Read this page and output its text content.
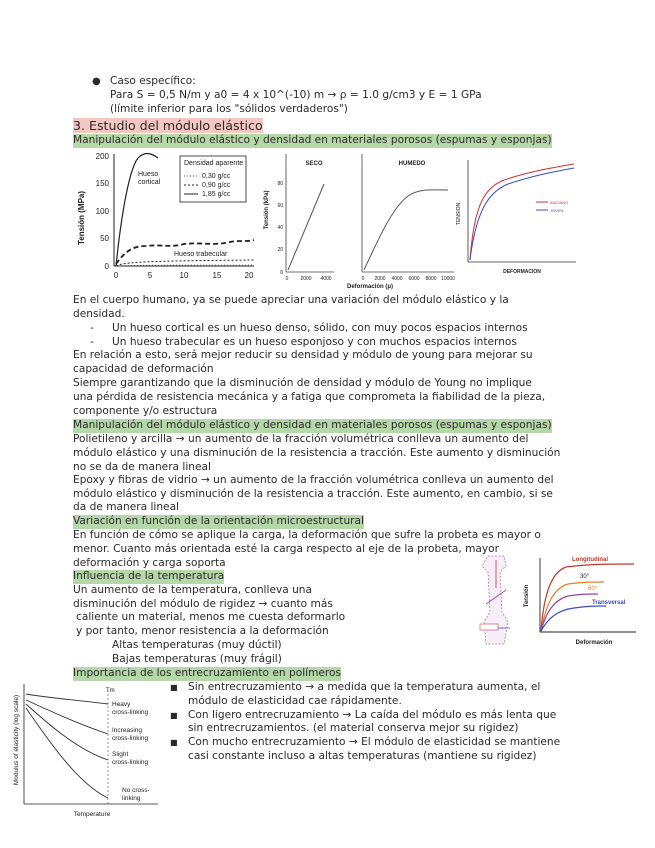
● Caso específico:
Para S = 0,5 N/m y a0 = 4 x 10^(-10) m → ρ = 1.0 g/cm3 y E = 1 GPa
(límite inferior para los "sólidos verdaderos")
3. Estudio del módulo elástico
Manipulación del módulo elástico y densidad en materiales porosos (espumas y esponjas)
Tensión (MPa)
200
150
100
50
0
0	5	10	15	20
Densidad aparente
0,30 g/cc
0,90 g/cc
1,85 g/cc
Hueso
cortical
Hueso trabecular
Tensión (kPa)
80
60
40
20
0
SECO
0 2000 4000
HUMEDO
0 2000 4000 6000 8000 10000
Deformación (μ)
TENSION
ANCIANO
JOVEN
DEFORMACION
En el cuerpo humano, ya se puede apreciar una variación del módulo elástico y la
densidad.
- Un hueso cortical es un hueso denso, sólido, con muy pocos espacios internos
- Un hueso trabecular es un hueso esponjoso y con muchos espacios internos
En relación a esto, será mejor reducir su densidad y módulo de young para mejorar su
capacidad de deformación
Siempre garantizando que la disminución de densidad y módulo de Young no implique
una pérdida de resistencia mecánica y a fatiga que comprometa la fiabilidad de la pieza,
componente y/o estructura
Manipulación del módulo elástico y densidad en materiales porosos (espumas y esponjas)
Polietileno y arcilla → un aumento de la fracción volumétrica conlleva un aumento del
módulo elástico y una disminución de la resistencia a tracción. Este aumento y disminución
no se da de manera lineal
Epoxy y fibras de vidrio → un aumento de la fracción volumétrica conlleva un aumento del
módulo elástico y disminución de la resistencia a tracción. Este aumento, en cambio, si se
da de manera lineal
Variación en función de la orientación microestructural
En función de cómo se aplique la carga, la deformación que sufre la probeta es mayor o
menor. Cuanto más orientada esté la carga respecto al eje de la probeta, mayor
deformación y carga soporta
Tensión
Longitudinal
30°
60°
Transversal
Deformación
Influencia de la temperatura
Un aumento de la temperatura, conlleva una
disminución del módulo de rigidez → cuanto más
caliente un material, menos me cuesta deformarlo
y por tanto, menor resistencia a la deformación
Altas temperaturas (muy dúctil)
Bajas temperaturas (muy frágil)
Importancia de los entrecruzamiento en polímeros
Modulus of elasticity (log scale)
Tm
Heavy
cross-linking
Increasing
cross-linking
Slight
cross-linking
No cross-
linking
Temperature
■ Sin entrecruzamiento → a medida que la temperatura aumenta, el
módulo de elasticidad cae rápidamente.
■ Con ligero entrecruzamiento → La caída del módulo es más lenta que
sin entrecruzamientos. (el material conserva mejor su rigidez)
■ Con mucho entrecruzamiento → El módulo de elasticidad se mantiene
casi constante incluso a altas temperaturas (mantiene su rigidez)
